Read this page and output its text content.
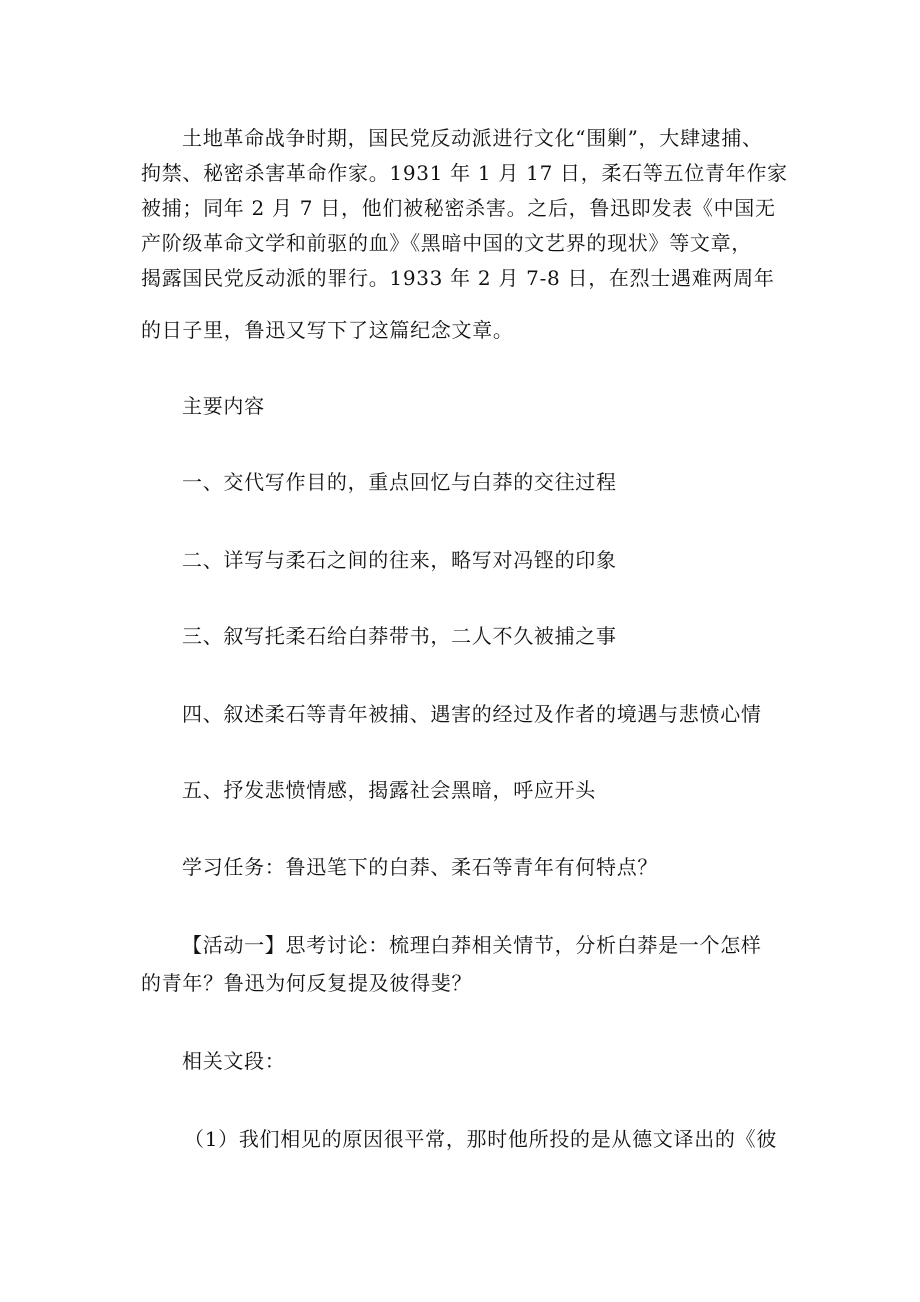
土地革命战争时期，国民党反动派进行文化“围剿”，大肆逮捕、
拘禁、秘密杀害革命作家。1931 年 1 月 17 日，柔石等五位青年作家
被捕；同年 2 月 7 日，他们被秘密杀害。之后，鲁迅即发表《中国无
产阶级革命文学和前驱的血》《黑暗中国的文艺界的现状》等文章，
揭露国民党反动派的罪行。1933 年 2 月 7-8 日，在烈士遇难两周年
的日子里，鲁迅又写下了这篇纪念文章。
主要内容
一、交代写作目的，重点回忆与白莽的交往过程
二、详写与柔石之间的往来，略写对冯铿的印象
三、叙写托柔石给白莽带书，二人不久被捕之事
四、叙述柔石等青年被捕、遇害的经过及作者的境遇与悲愤心情
五、抒发悲愤情感，揭露社会黑暗，呼应开头
学习任务：鲁迅笔下的白莽、柔石等青年有何特点？
【活动一】思考讨论：梳理白莽相关情节，分析白莽是一个怎样
的青年？鲁迅为何反复提及彼得斐？
相关文段：
（1）我们相见的原因很平常，那时他所投的是从德文译出的《彼
